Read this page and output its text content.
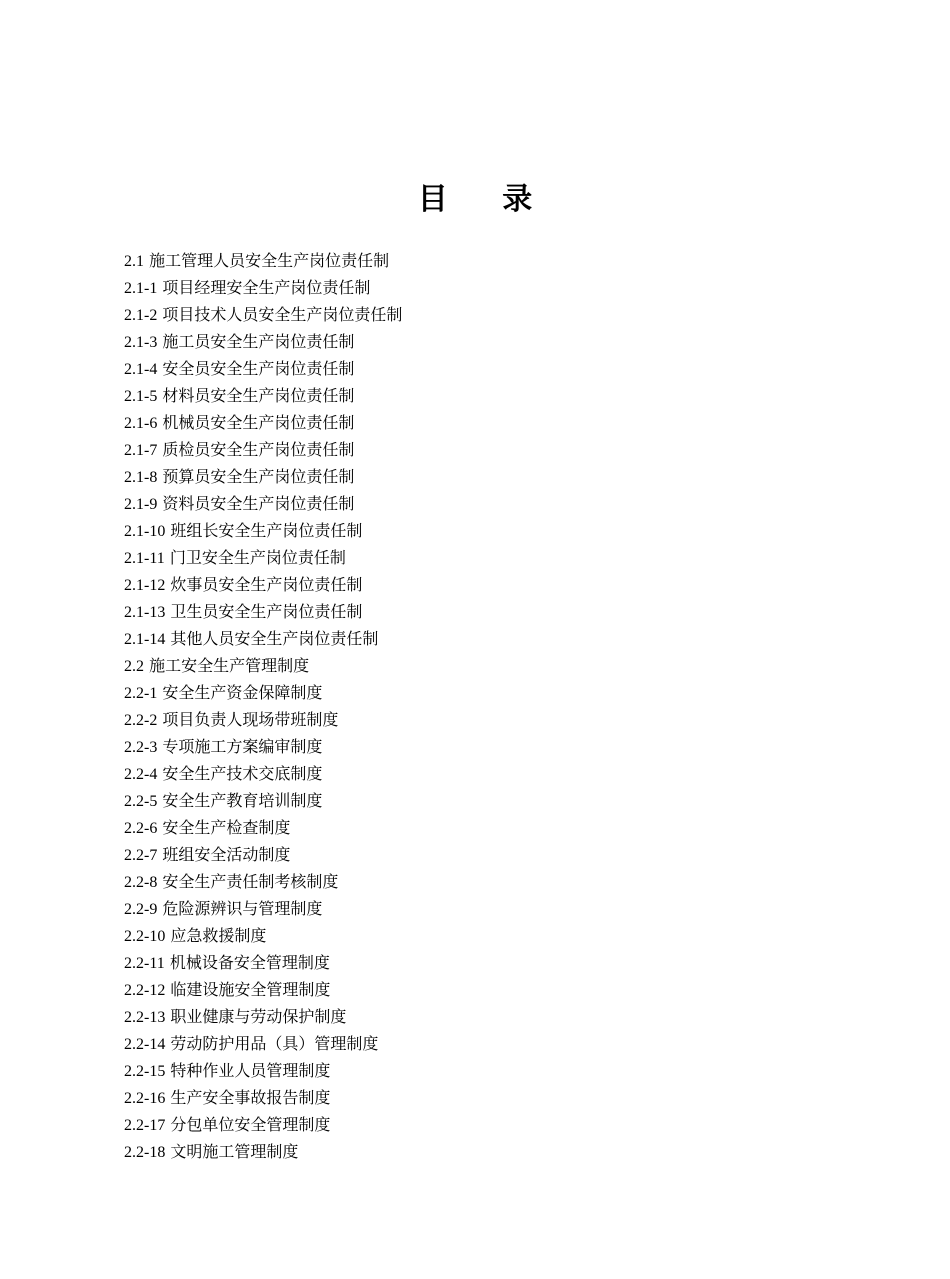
目 录
2.1 施工管理人员安全生产岗位责任制
2.1-1 项目经理安全生产岗位责任制
2.1-2 项目技术人员安全生产岗位责任制
2.1-3 施工员安全生产岗位责任制
2.1-4 安全员安全生产岗位责任制
2.1-5 材料员安全生产岗位责任制
2.1-6 机械员安全生产岗位责任制
2.1-7 质检员安全生产岗位责任制
2.1-8 预算员安全生产岗位责任制
2.1-9 资料员安全生产岗位责任制
2.1-10 班组长安全生产岗位责任制
2.1-11 门卫安全生产岗位责任制
2.1-12 炊事员安全生产岗位责任制
2.1-13 卫生员安全生产岗位责任制
2.1-14 其他人员安全生产岗位责任制
2.2 施工安全生产管理制度
2.2-1 安全生产资金保障制度
2.2-2 项目负责人现场带班制度
2.2-3 专项施工方案编审制度
2.2-4 安全生产技术交底制度
2.2-5 安全生产教育培训制度
2.2-6 安全生产检查制度
2.2-7 班组安全活动制度
2.2-8 安全生产责任制考核制度
2.2-9 危险源辨识与管理制度
2.2-10 应急救援制度
2.2-11 机械设备安全管理制度
2.2-12 临建设施安全管理制度
2.2-13 职业健康与劳动保护制度
2.2-14 劳动防护用品（具）管理制度
2.2-15 特种作业人员管理制度
2.2-16 生产安全事故报告制度
2.2-17 分包单位安全管理制度
2.2-18 文明施工管理制度
